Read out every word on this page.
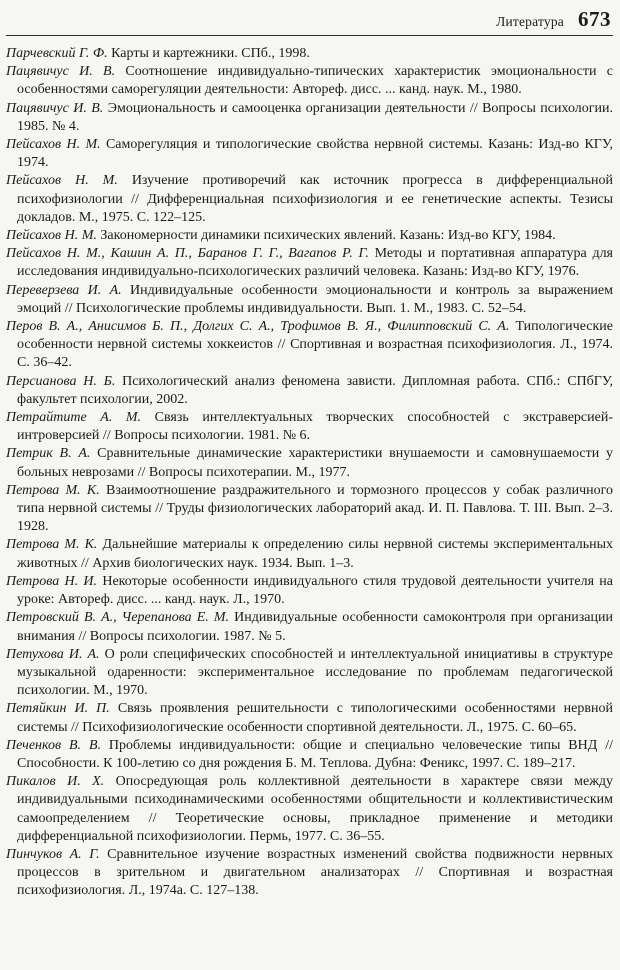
Литература 673

Парчевский Г. Ф. Карты и картежники. СПб., 1998.

Пацявичус И. В. Соотношение индивидуально-типических характеристик эмоциональности с особенностями саморегуляции деятельности: Автореф. дисс. ... канд. наук. М., 1980.

Пацявичус И. В. Эмоциональность и самооценка организации деятельности // Вопросы психологии. 1985. № 4.

Пейсахов Н. М. Саморегуляция и типологические свойства нервной системы. Казань: Изд-во КГУ, 1974.

Пейсахов Н. М. Изучение противоречий как источник прогресса в дифференциальной психофизиологии // Дифференциальная психофизиология и ее генетические аспекты. Тезисы докладов. М., 1975. С. 122–125.

Пейсахов Н. М. Закономерности динамики психических явлений. Казань: Изд-во КГУ, 1984.

Пейсахов Н. М., Кашин А. П., Баранов Г. Г., Вагапов Р. Г. Методы и портативная аппаратура для исследования индивидуально-психологических различий человека. Казань: Изд-во КГУ, 1976.

Переверзева И. А. Индивидуальные особенности эмоциональности и контроль за выражением эмоций // Психологические проблемы индивидуальности. Вып. 1. М., 1983. С. 52–54.

Перов В. А., Анисимов Б. П., Долгих С. А., Трофимов В. Я., Филипповский С. А. Типологические особенности нервной системы хоккеистов // Спортивная и возрастная психофизиология. Л., 1974. С. 36–42.

Персианова Н. Б. Психологический анализ феномена зависти. Дипломная работа. СПб.: СПбГУ, факультет психологии, 2002.

Петрайтите А. М. Связь интеллектуальных творческих способностей с экстраверсией-интроверсией // Вопросы психологии. 1981. № 6.

Петрик В. А. Сравнительные динамические характеристики внушаемости и самовнушаемости у больных неврозами // Вопросы психотерапии. М., 1977.

Петрова М. К. Взаимоотношение раздражительного и тормозного процессов у собак различного типа нервной системы // Труды физиологических лабораторий акад. И. П. Павлова. Т. III. Вып. 2–3. 1928.

Петрова М. К. Дальнейшие материалы к определению силы нервной системы экспериментальных животных // Архив биологических наук. 1934. Вып. 1–3.

Петрова Н. И. Некоторые особенности индивидуального стиля трудовой деятельности учителя на уроке: Автореф. дисс. ... канд. наук. Л., 1970.

Петровский В. А., Черепанова Е. М. Индивидуальные особенности самоконтроля при организации внимания // Вопросы психологии. 1987. № 5.

Петухова И. А. О роли специфических способностей и интеллектуальной инициативы в структуре музыкальной одаренности: экспериментальное исследование по проблемам педагогической психологии. М., 1970.

Петяйкин И. П. Связь проявления решительности с типологическими особенностями нервной системы // Психофизиологические особенности спортивной деятельности. Л., 1975. С. 60–65.

Печенков В. В. Проблемы индивидуальности: общие и специально человеческие типы ВНД // Способности. К 100-летию со дня рождения Б. М. Теплова. Дубна: Феникс, 1997. С. 189–217.

Пикалов И. Х. Опосредующая роль коллективной деятельности в характере связи между индивидуальными психодинамическими особенностями общительности и коллективистическим самоопределением // Теоретические основы, прикладное применение и методики дифференциальной психофизиологии. Пермь, 1977. С. 36–55.

Пинчуков А. Г. Сравнительное изучение возрастных изменений свойства подвижности нервных процессов в зрительном и двигательном анализаторах // Спортивная и возрастная психофизиология. Л., 1974а. С. 127–138.
